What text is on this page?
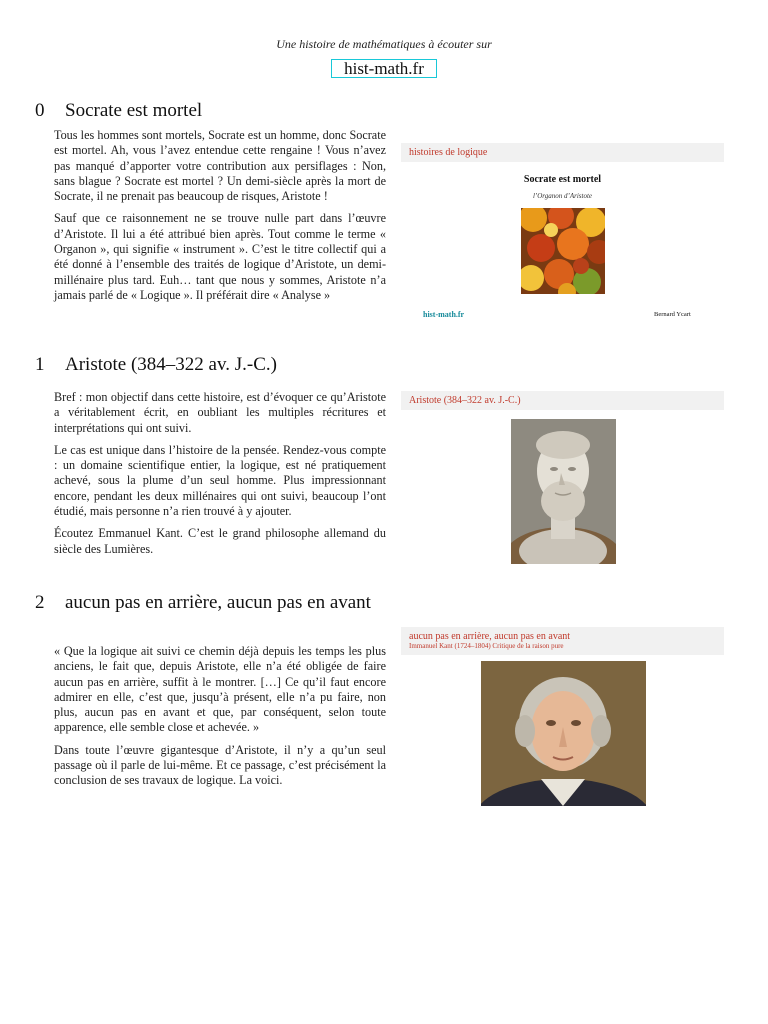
Une histoire de mathématiques à écouter sur
hist-math.fr
0 Socrate est mortel

Tous les hommes sont mortels, Socrate est un homme, donc Socrate est mortel. Ah, vous l’avez entendue cette rengaine ! Vous n’avez pas manqué d’apporter votre contribution aux persiflages : Non, sans blague ? Socrate est mortel ? Un demi-siècle après la mort de Socrate, il ne prenait pas beaucoup de risques, Aristote !

Sauf que ce raisonnement ne se trouve nulle part dans l’œuvre d’Aristote. Il lui a été attribué bien après. Tout comme le terme « Organon », qui signifie « instrument ». C’est le titre collectif qui a été donné à l’ensemble des traités de logique d’Aristote, un demi-millénaire plus tard. Euh… tant que nous y sommes, Aristote n’a jamais parlé de « Logique ». Il préférait dire « Analyse »

histoires de logique
Socrate est mortel
l’Organon d’Aristote
hist-math.fr	Bernard Ycart
1 Aristote (384–322 av. J.-C.)

Bref : mon objectif dans cette histoire, est d’évoquer ce qu’Aristote a véritablement écrit, en oubliant les multiples récritures et interprétations qui ont suivi.

Le cas est unique dans l’histoire de la pensée. Rendez-vous compte : un domaine scientifique entier, la logique, est né pratiquement achevé, sous la plume d’un seul homme. Plus impressionnant encore, pendant les deux millénaires qui ont suivi, beaucoup l’ont étudié, mais personne n’a rien trouvé à y ajouter.

Écoutez Emmanuel Kant. C’est le grand philosophe allemand du siècle des Lumières.

Aristote (384–322 av. J.-C.)
2 aucun pas en arrière, aucun pas en avant

« Que la logique ait suivi ce chemin déjà depuis les temps les plus anciens, le fait que, depuis Aristote, elle n’a été obligée de faire aucun pas en arrière, suffit à le montrer. […] Ce qu’il faut encore admirer en elle, c’est que, jusqu’à présent, elle n’a pu faire, non plus, aucun pas en avant et que, par conséquent, selon toute apparence, elle semble close et achevée. »

Dans toute l’œuvre gigantesque d’Aristote, il n’y a qu’un seul passage où il parle de lui-même. Et ce passage, c’est précisément la conclusion de ses travaux de logique. La voici.

aucun pas en arrière, aucun pas en avant
Immanuel Kant (1724–1804) Critique de la raison pure
